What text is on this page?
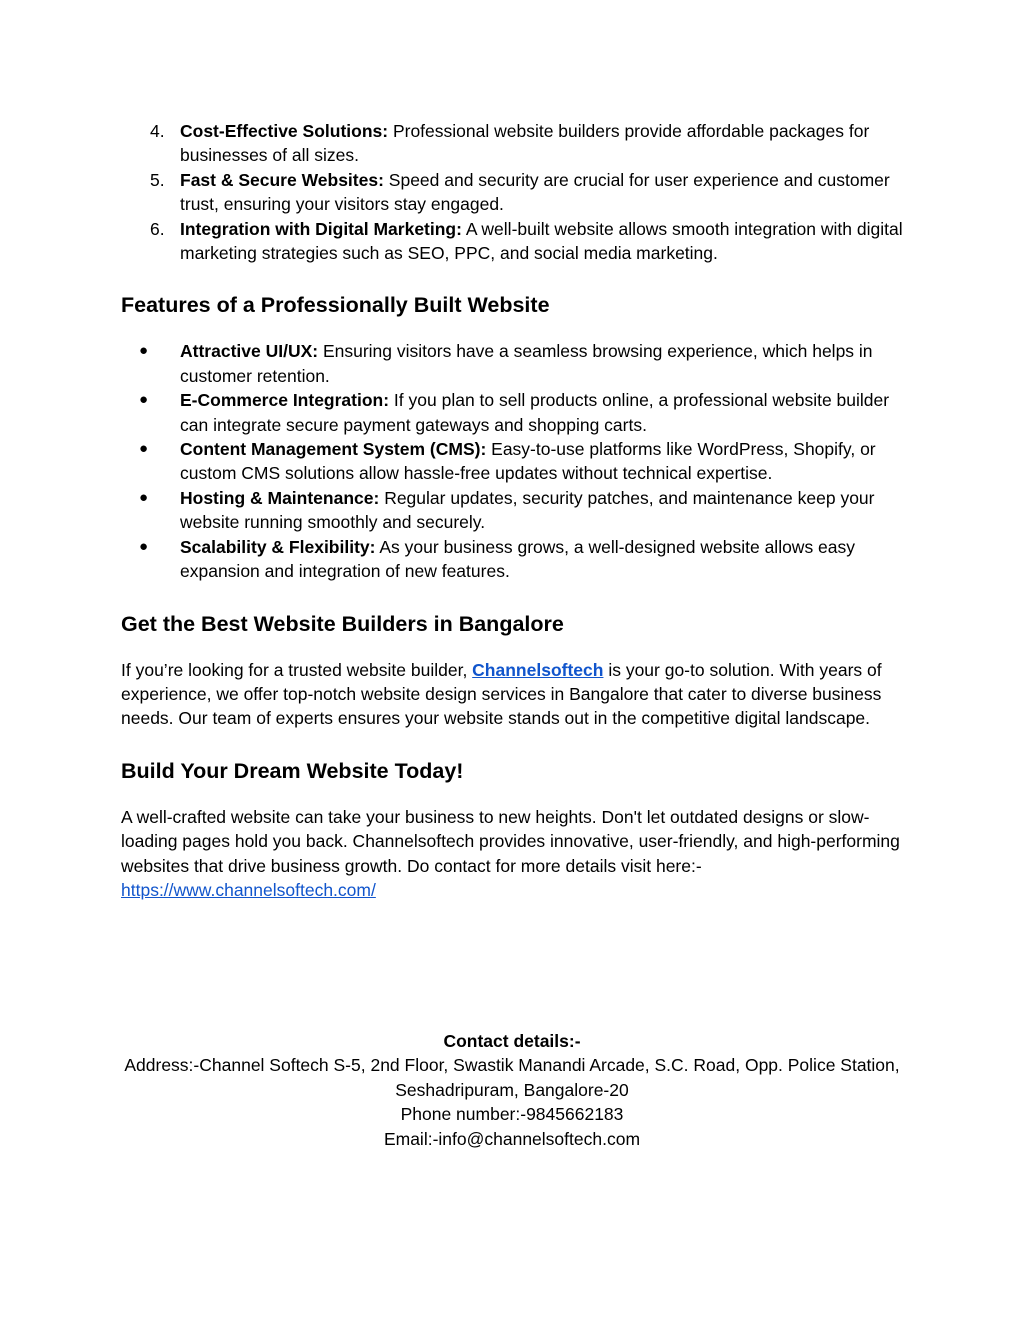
4. Cost-Effective Solutions: Professional website builders provide affordable packages for businesses of all sizes.
5. Fast & Secure Websites: Speed and security are crucial for user experience and customer trust, ensuring your visitors stay engaged.
6. Integration with Digital Marketing: A well-built website allows smooth integration with digital marketing strategies such as SEO, PPC, and social media marketing.
Features of a Professionally Built Website
● Attractive UI/UX: Ensuring visitors have a seamless browsing experience, which helps in customer retention.
● E-Commerce Integration: If you plan to sell products online, a professional website builder can integrate secure payment gateways and shopping carts.
● Content Management System (CMS): Easy-to-use platforms like WordPress, Shopify, or custom CMS solutions allow hassle-free updates without technical expertise.
● Hosting & Maintenance: Regular updates, security patches, and maintenance keep your website running smoothly and securely.
● Scalability & Flexibility: As your business grows, a well-designed website allows easy expansion and integration of new features.
Get the Best Website Builders in Bangalore

If you’re looking for a trusted website builder, Channelsoftech is your go-to solution. With years of experience, we offer top-notch website design services in Bangalore that cater to diverse business needs. Our team of experts ensures your website stands out in the competitive digital landscape.

Build Your Dream Website Today!

A well-crafted website can take your business to new heights. Don't let outdated designs or slow-loading pages hold you back. Channelsoftech provides innovative, user-friendly, and high-performing websites that drive business growth. Do contact for more details visit here:-https://www.channelsoftech.com/

Contact details:-
Address:-Channel Softech S-5, 2nd Floor, Swastik Manandi Arcade, S.C. Road, Opp. Police Station, Seshadripuram, Bangalore-20
Phone number:-9845662183
Email:-info@channelsoftech.com
